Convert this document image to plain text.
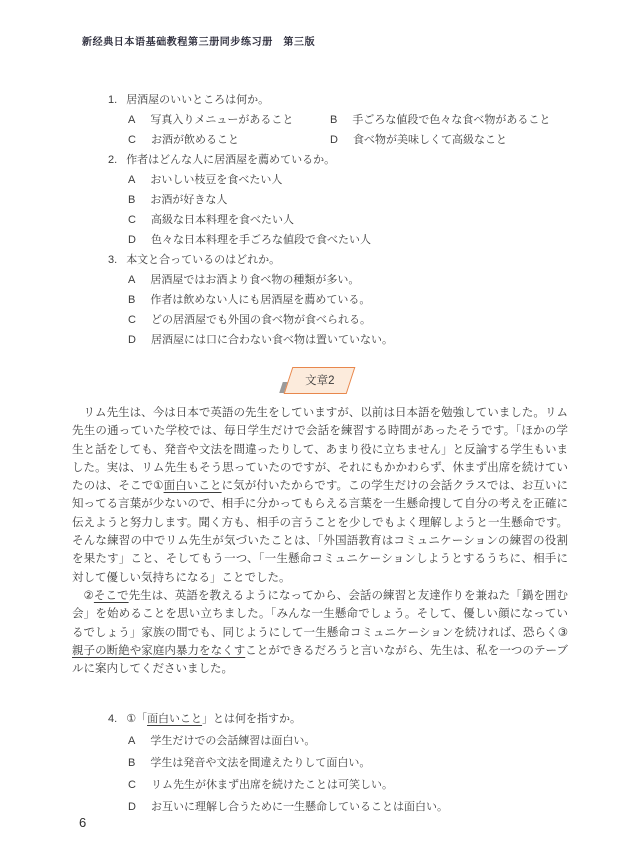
新经典日本语基础教程第三册同步练习册　第三版
1. 居酒屋のいいところは何か。
A 写真入りメニューがあること	B 手ごろな値段で色々な食べ物があること
C お酒が飲めること	D 食べ物が美味しくて高級なこと
2. 作者はどんな人に居酒屋を薦めているか。
A おいしい枝豆を食べたい人
B お酒が好きな人
C 高級な日本料理を食べたい人
D 色々な日本料理を手ごろな値段で食べたい人
3. 本文と合っているのはどれか。
A 居酒屋ではお酒より食べ物の種類が多い。
B 作者は飲めない人にも居酒屋を薦めている。
C どの居酒屋でも外国の食べ物が食べられる。
D 居酒屋には口に合わない食べ物は置いていない。
文章2

リム先生は、今は日本で英語の先生をしていますが、以前は日本語を勉強していました。リム先生の通っていた学校では、毎日学生だけで会話を練習する時間があったそうです。「ほかの学生と話をしても、発音や文法を間違ったりして、あまり役に立ちません」と反論する学生もいました。実は、リム先生もそう思っていたのですが、それにもかかわらず、休まず出席を続けていたのは、そこで①面白いことに気が付いたからです。この学生だけの会話クラスでは、お互いに知ってる言葉が少ないので、相手に分かってもらえる言葉を一生懸命捜して自分の考えを正確に伝えようと努力します。聞く方も、相手の言うことを少しでもよく理解しようと一生懸命です。そんな練習の中でリム先生が気づいたことは、「外国語教育はコミュニケーションの練習の役割を果たす」こと、そしてもう一つ、「一生懸命コミュニケーションしようとするうちに、相手に対して優しい気持ちになる」ことでした。

②そこで先生は、英語を教えるようになってから、会話の練習と友達作りを兼ねた「鍋を囲む会」を始めることを思い立ちました。「みんな一生懸命でしょう。そして、優しい顔になっているでしょう」家族の間でも、同じようにして一生懸命コミュニケーションを続ければ、恐らく③親子の断絶や家庭内暴力をなくすことができるだろうと言いながら、先生は、私を一つのテーブルに案内してくださいました。

4. ①「面白いこと」とは何を指すか。
A 学生だけでの会話練習は面白い。
B 学生は発音や文法を間違えたりして面白い。
C リム先生が休まず出席を続けたことは可笑しい。
D お互いに理解し合うために一生懸命していることは面白い。
6
